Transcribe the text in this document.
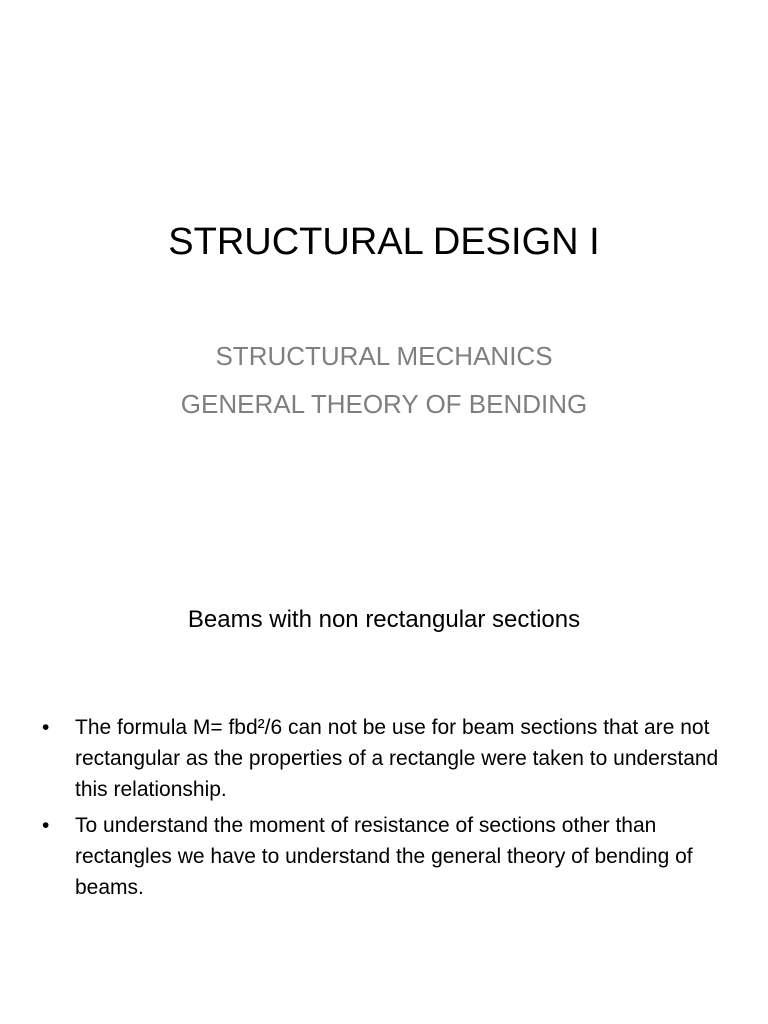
STRUCTURAL DESIGN I
STRUCTURAL MECHANICS
GENERAL THEORY OF BENDING
Beams with non rectangular sections
• The formula M= fbd²/6 can not be use for beam sections that are not rectangular as the properties of a rectangle were taken to understand this relationship.
• To understand the moment of resistance of sections other than rectangles we have to understand the general theory of bending of beams.
